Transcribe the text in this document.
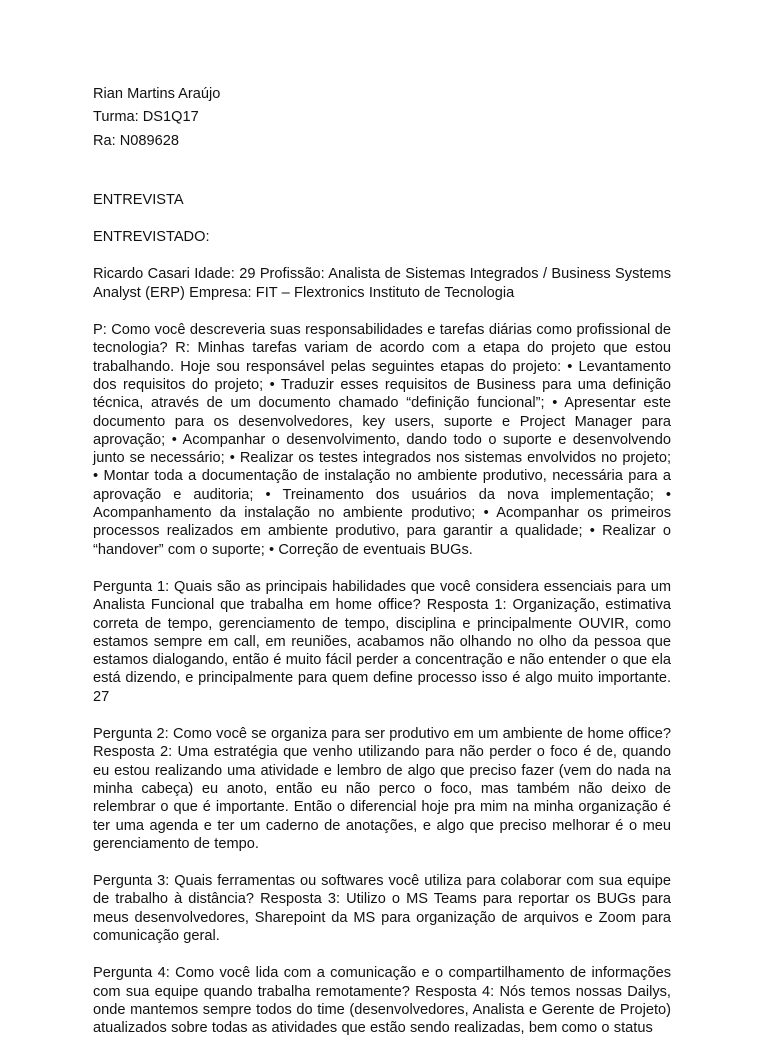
Rian Martins Araújo

Turma: DS1Q17

Ra: N089628

ENTREVISTA

ENTREVISTADO:

Ricardo Casari Idade: 29 Profissão: Analista de Sistemas Integrados / Business Systems Analyst (ERP) Empresa: FIT – Flextronics Instituto de Tecnologia

P: Como você descreveria suas responsabilidades e tarefas diárias como profissional de tecnologia? R: Minhas tarefas variam de acordo com a etapa do projeto que estou trabalhando. Hoje sou responsável pelas seguintes etapas do projeto: • Levantamento dos requisitos do projeto; • Traduzir esses requisitos de Business para uma definição técnica, através de um documento chamado “definição funcional”; • Apresentar este documento para os desenvolvedores, key users, suporte e Project Manager para aprovação; • Acompanhar o desenvolvimento, dando todo o suporte e desenvolvendo junto se necessário; • Realizar os testes integrados nos sistemas envolvidos no projeto; • Montar toda a documentação de instalação no ambiente produtivo, necessária para a aprovação e auditoria; • Treinamento dos usuários da nova implementação; • Acompanhamento da instalação no ambiente produtivo; • Acompanhar os primeiros processos realizados em ambiente produtivo, para garantir a qualidade; • Realizar o “handover” com o suporte; • Correção de eventuais BUGs.

Pergunta 1: Quais são as principais habilidades que você considera essenciais para um Analista Funcional que trabalha em home office? Resposta 1: Organização, estimativa correta de tempo, gerenciamento de tempo, disciplina e principalmente OUVIR, como estamos sempre em call, em reuniões, acabamos não olhando no olho da pessoa que estamos dialogando, então é muito fácil perder a concentração e não entender o que ela está dizendo, e principalmente para quem define processo isso é algo muito importante. 27

Pergunta 2: Como você se organiza para ser produtivo em um ambiente de home office? Resposta 2: Uma estratégia que venho utilizando para não perder o foco é de, quando eu estou realizando uma atividade e lembro de algo que preciso fazer (vem do nada na minha cabeça) eu anoto, então eu não perco o foco, mas também não deixo de relembrar o que é importante. Então o diferencial hoje pra mim na minha organização é ter uma agenda e ter um caderno de anotações, e algo que preciso melhorar é o meu gerenciamento de tempo.

Pergunta 3: Quais ferramentas ou softwares você utiliza para colaborar com sua equipe de trabalho à distância? Resposta 3: Utilizo o MS Teams para reportar os BUGs para meus desenvolvedores, Sharepoint da MS para organização de arquivos e Zoom para comunicação geral.

Pergunta 4: Como você lida com a comunicação e o compartilhamento de informações com sua equipe quando trabalha remotamente? Resposta 4: Nós temos nossas Dailys, onde mantemos sempre todos do time (desenvolvedores, Analista e Gerente de Projeto) atualizados sobre todas as atividades que estão sendo realizadas, bem como o status
